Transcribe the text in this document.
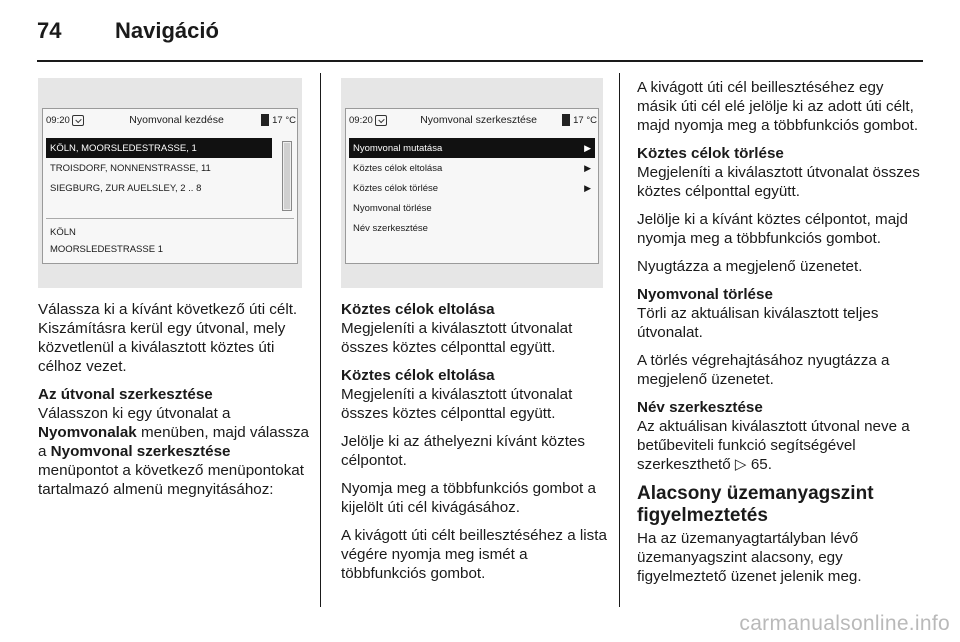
74	Navigáció
09:20	Nyomvonal kezdése	17 °C
KÖLN, MOORSLEDESTRASSE, 1
TROISDORF, NONNENSTRASSE, 11
SIEGBURG, ZUR AUELSLEY, 2 .. 8
KÖLN
MOORSLEDESTRASSE 1
09:20	Nyomvonal szerkesztése	17 °C
Nyomvonal mutatása	▶
Köztes célok eltolása	▶
Köztes célok törlése	▶
Nyomvonal törlése
Név szerkesztése

Válassza ki a kívánt következő úti célt. Kiszámításra kerül egy útvonal, mely közvetlenül a kiválasztott köztes úti célhoz vezet.

Az útvonal szerkesztése

Válasszon ki egy útvonalat a Nyomvonalak menüben, majd válassza a Nyomvonal szerkesztése menüpontot a következő menüpontokat tartalmazó almenü megnyitásához:

Köztes célok eltolása

Megjeleníti a kiválasztott útvonalat összes köztes célponttal együtt.

Köztes célok eltolása

Megjeleníti a kiválasztott útvonalat összes köztes célponttal együtt.

Jelölje ki az áthelyezni kívánt köztes célpontot.

Nyomja meg a többfunkciós gombot a kijelölt úti cél kivágásához.

A kivágott úti célt beillesztéséhez a lista végére nyomja meg ismét a többfunkciós gombot.

A kivágott úti cél beillesztéséhez egy másik úti cél elé jelölje ki az adott úti célt, majd nyomja meg a többfunkciós gombot.

Köztes célok törlése

Megjeleníti a kiválasztott útvonalat összes köztes célponttal együtt.

Jelölje ki a kívánt köztes célpontot, majd nyomja meg a többfunkciós gombot.

Nyugtázza a megjelenő üzenetet.

Nyomvonal törlése

Törli az aktuálisan kiválasztott teljes útvonalat.

A törlés végrehajtásához nyugtázza a megjelenő üzenetet.

Név szerkesztése

Az aktuálisan kiválasztott útvonal neve a betűbeviteli funkció segítségével szerkeszthető ▷ 65.

Alacsony üzemanyagszint figyelmeztetés

Ha az üzemanyagtartályban lévő üzemanyagszint alacsony, egy figyelmeztető üzenet jelenik meg.

carmanualsonline.info
